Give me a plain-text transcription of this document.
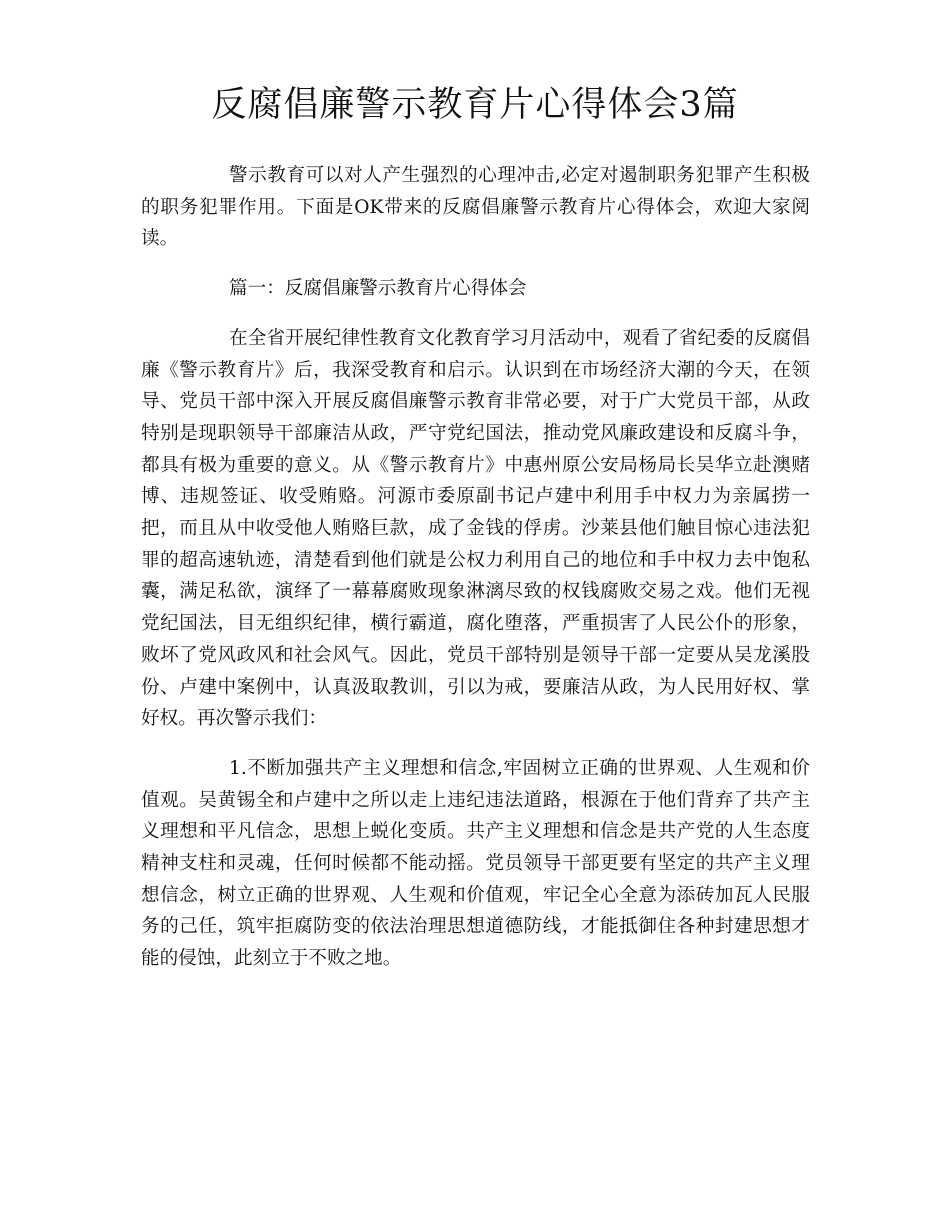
反腐倡廉警示教育片心得体会3篇

警示教育可以对人产生强烈的心理冲击,必定对遏制职务犯罪产生积极的职务犯罪作用。下面是OK带来的反腐倡廉警示教育片心得体会，欢迎大家阅读。

篇一：反腐倡廉警示教育片心得体会

在全省开展纪律性教育文化教育学习月活动中，观看了省纪委的反腐倡廉《警示教育片》后，我深受教育和启示。认识到在市场经济大潮的今天，在领导、党员干部中深入开展反腐倡廉警示教育非常必要，对于广大党员干部，从政特别是现职领导干部廉洁从政，严守党纪国法，推动党风廉政建设和反腐斗争，都具有极为重要的意义。从《警示教育片》中惠州原公安局杨局长吴华立赴澳赌博、违规签证、收受贿赂。河源市委原副书记卢建中利用手中权力为亲属捞一把，而且从中收受他人贿赂巨款，成了金钱的俘虏。沙莱县他们触目惊心违法犯罪的超高速轨迹，清楚看到他们就是公权力利用自己的地位和手中权力去中饱私囊，满足私欲，演绎了一幕幕腐败现象淋漓尽致的权钱腐败交易之戏。他们无视党纪国法，目无组织纪律，横行霸道，腐化堕落，严重损害了人民公仆的形象，败坏了党风政风和社会风气。因此，党员干部特别是领导干部一定要从吴龙溪股份、卢建中案例中，认真汲取教训，引以为戒，要廉洁从政，为人民用好权、掌好权。再次警示我们：

1.不断加强共产主义理想和信念,牢固树立正确的世界观、人生观和价值观。吴黄锡全和卢建中之所以走上违纪违法道路，根源在于他们背弃了共产主义理想和平凡信念，思想上蜕化变质。共产主义理想和信念是共产党的人生态度精神支柱和灵魂，任何时候都不能动摇。党员领导干部更要有坚定的共产主义理想信念，树立正确的世界观、人生观和价值观，牢记全心全意为添砖加瓦人民服务的己任，筑牢拒腐防变的依法治理思想道德防线，才能抵御住各种封建思想才能的侵蚀，此刻立于不败之地。
